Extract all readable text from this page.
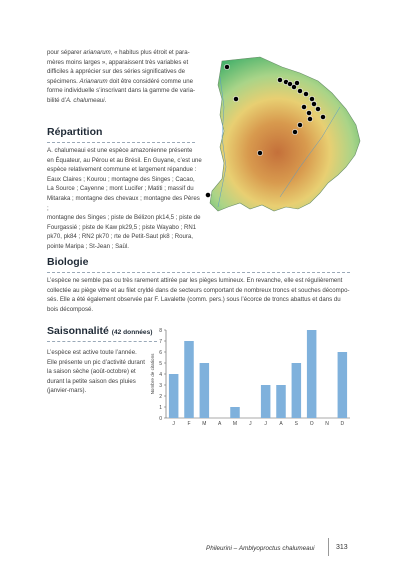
pour séparer arianarum, « habitus plus étroit et para-
mères moins larges », apparaissent très variables et
difficiles à apprécier sur des séries significatives de
spécimens. Arianarum doit être considéré comme une
forme individuelle s’inscrivant dans la gamme de varia-
bilité d’A. chalumeaui.
Répartition
A. chalumeaui est une espèce amazonienne présente
en Équateur, au Pérou et au Brésil. En Guyane, c’est une
espèce relativement commune et largement répandue :
Eaux Claires ; Kourou ; montagne des Singes ; Cacao,
La Source ; Cayenne ; mont Lucifer ; Matiti ; massif du
Mitaraka ; montagne des chevaux ; montagne des Pères ;
montagne des Singes ; piste de Bélizon pk14,5 ; piste de
Fourgassié ; piste de Kaw pk29,5 ; piste Wayabo ; RN1
pk70, pk84 ; RN2 pk70 ; rte de Petit-Saut pk8 ; Roura,
pointe Maripa ; St-Jean ; Saül.
Biologie
L’espèce ne semble pas ou très rarement attirée par les pièges lumineux. En revanche, elle est régulièrement
collectée au piège vitre et au filet cryldé dans de secteurs comportant de nombreux troncs et souches décompo-
sés. Elle a été également observée par F. Lavalette (comm. pers.) sous l’écorce de troncs abattus et dans du
bois décomposé.
Saisonnalité (42 données)
L’espèce est active toute l’année.
Elle présente un pic d’activité durant
la saison sèche (août-octobre) et
durant la petite saison des pluies
(janvier-mars).
0
1
2
3
4
5
6
7
8
Nombre de citations
J	F M A M J	J A S O N D
Phileurini – Amblyoproctus chalumeaui	313
